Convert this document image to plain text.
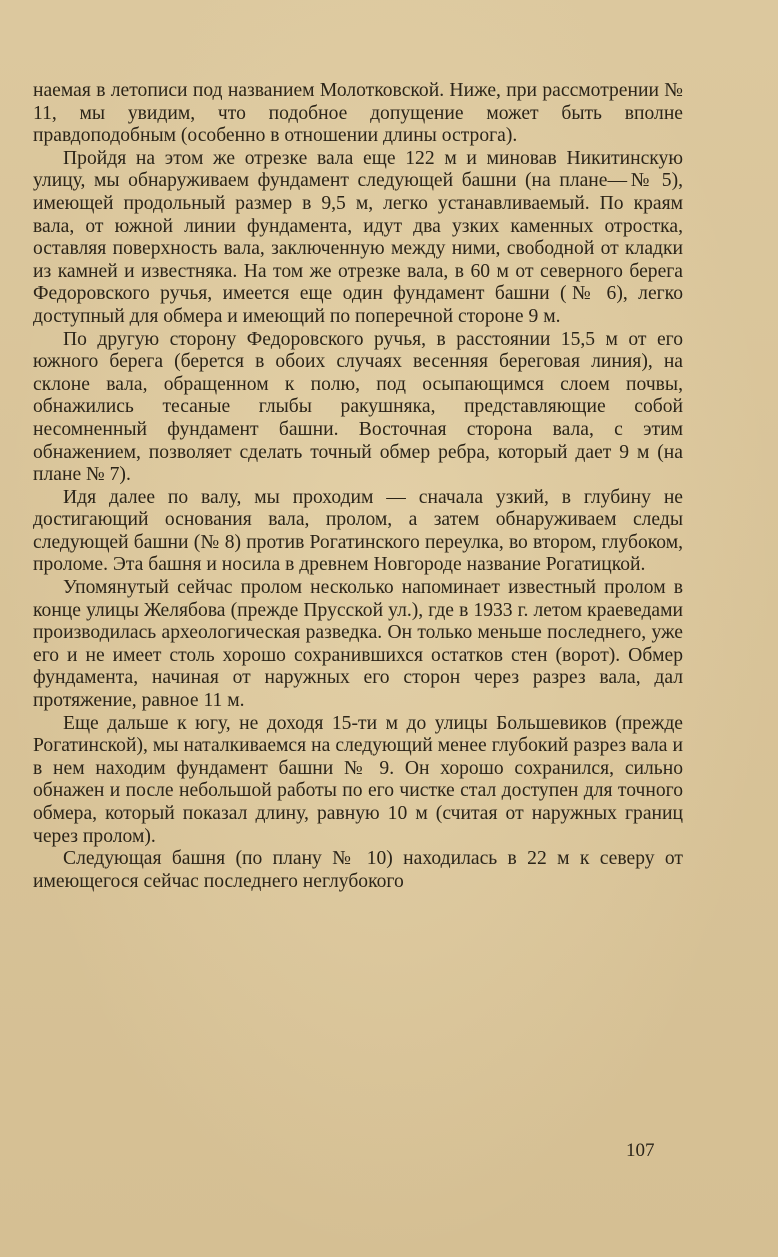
наемая в летописи под названием Молотковской. Ниже, при рассмотрении № 11, мы увидим, что подобное допущение может быть вполне правдоподобным (особенно в отношении длины острога).

Пройдя на этом же отрезке вала еще 122 м и миновав Никитинскую улицу, мы обнаруживаем фундамент следующей башни (на плане—№ 5), имеющей продольный размер в 9,5 м, легко устанавливаемый. По краям вала, от южной линии фундамента, идут два узких каменных отростка, оставляя поверхность вала, заключенную между ними, свободной от кладки из камней и известняка. На том же отрезке вала, в 60 м от северного берега Федоровского ручья, имеется еще один фундамент башни (№ 6), легко доступный для обмера и имеющий по поперечной стороне 9 м.

По другую сторону Федоровского ручья, в расстоянии 15,5 м от его южного берега (берется в обоих случаях весенняя береговая линия), на склоне вала, обращенном к полю, под осыпающимся слоем почвы, обнажились тесаные глыбы ракушняка, представляющие собой несомненный фундамент башни. Восточная сторона вала, с этим обнажением, позволяет сделать точный обмер ребра, который дает 9 м (на плане № 7).

Идя далее по валу, мы проходим — сначала узкий, в глубину не достигающий основания вала, пролом, а затем обнаруживаем следы следующей башни (№ 8) против Рогатинского переулка, во втором, глубоком, проломе. Эта башня и носила в древнем Новгороде название Рогатицкой.

Упомянутый сейчас пролом несколько напоминает известный пролом в конце улицы Желябова (прежде Прусской ул.), где в 1933 г. летом краеведами производилась археологическая разведка. Он только меньше последнего, уже его и не имеет столь хорошо сохранившихся остатков стен (ворот). Обмер фундамента, начиная от наружных его сторон через разрез вала, дал протяжение, равное 11 м.

Еще дальше к югу, не доходя 15-ти м до улицы Большевиков (прежде Рогатинской), мы наталкиваемся на следующий менее глубокий разрез вала и в нем находим фундамент башни № 9. Он хорошо сохранился, сильно обнажен и после небольшой работы по его чистке стал доступен для точного обмера, который показал длину, равную 10 м (считая от наружных границ через пролом).

Следующая башня (по плану № 10) находилась в 22 м к северу от имеющегося сейчас последнего неглубокого

107
